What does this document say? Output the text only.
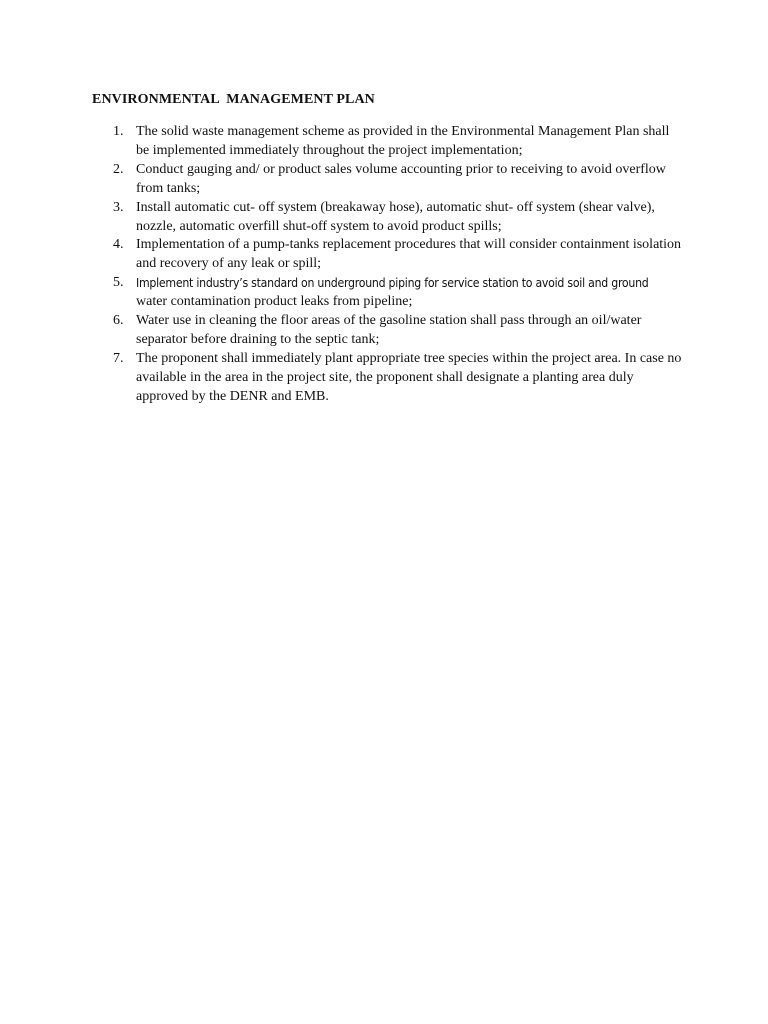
ENVIRONMENTAL  MANAGEMENT PLAN
1. The solid waste management scheme as provided in the Environmental Management Plan shall
be implemented immediately throughout the project implementation;
2. Conduct gauging and/ or product sales volume accounting prior to receiving to avoid overflow
from tanks;
3. Install automatic cut- off system (breakaway hose), automatic shut- off system (shear valve),
nozzle, automatic overfill shut-off system to avoid product spills;
4. Implementation of a pump-tanks replacement procedures that will consider containment isolation
and recovery of any leak or spill;
5. Implement industry’s standard on underground piping for service station to avoid soil and ground
water contamination product leaks from pipeline;
6. Water use in cleaning the floor areas of the gasoline station shall pass through an oil/water
separator before draining to the septic tank;
7. The proponent shall immediately plant appropriate tree species within the project area. In case no
available in the area in the project site, the proponent shall designate a planting area duly
approved by the DENR and EMB.
